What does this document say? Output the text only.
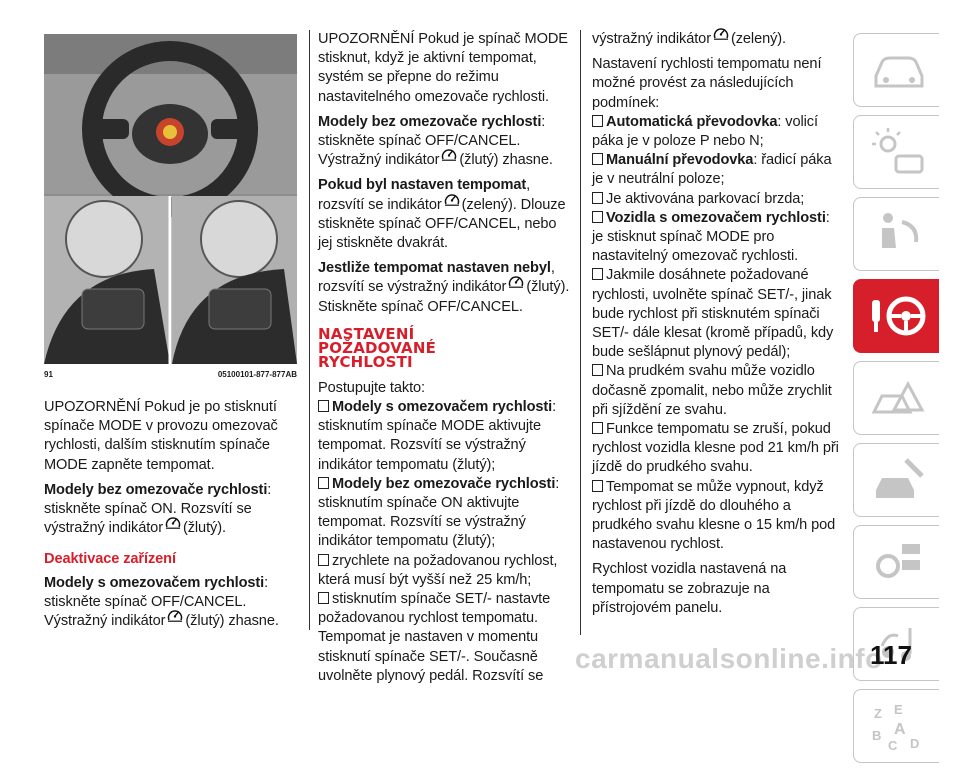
91	05100101-877-877AB

UPOZORNĚNÍ Pokud je po stisknutí spínače MODE v provozu omezovač rychlosti, dalším stisknutím spínače MODE zapněte tempomat.

Modely bez omezovače rychlosti: stiskněte spínač ON. Rozsvítí se výstražný indikátor (žlutý).

Deaktivace zařízení

Modely s omezovačem rychlosti: stiskněte spínač OFF/CANCEL. Výstražný indikátor (žlutý) zhasne.

UPOZORNĚNÍ Pokud je spínač MODE stisknut, když je aktivní tempomat, systém se přepne do režimu nastavitelného omezovače rychlosti.

Modely bez omezovače rychlosti: stiskněte spínač OFF/CANCEL. Výstražný indikátor (žlutý) zhasne.

Pokud byl nastaven tempomat, rozsvítí se indikátor (zelený). Dlouze stiskněte spínač OFF/CANCEL, nebo jej stiskněte dvakrát.

Jestliže tempomat nastaven nebyl, rozsvítí se výstražný indikátor (žlutý). Stiskněte spínač OFF/CANCEL.

NASTAVENÍ
POŽADOVANÉ
RYCHLOSTI

Postupujte takto:

Modely s omezovačem rychlosti: stisknutím spínače MODE aktivujte tempomat. Rozsvítí se výstražný indikátor tempomatu (žlutý);

Modely bez omezovače rychlosti: stisknutím spínače ON aktivujte tempomat. Rozsvítí se výstražný indikátor tempomatu (žlutý);

zrychlete na požadovanou rychlost, která musí být vyšší než 25 km/h;

stisknutím spínače SET/- nastavte požadovanou rychlost tempomatu. Tempomat je nastaven v momentu stisknutí spínače SET/-. Současně uvolněte plynový pedál. Rozsvítí se

výstražný indikátor (zelený).

Nastavení rychlosti tempomatu není možné provést za následujících podmínek:

Automatická převodovka: volicí páka je v poloze P nebo N;

Manuální převodovka: řadicí páka je v neutrální poloze;

Je aktivována parkovací brzda;

Vozidla s omezovačem rychlosti: je stisknut spínač MODE pro nastavitelný omezovač rychlosti.

Jakmile dosáhnete požadované rychlosti, uvolněte spínač SET/-, jinak bude rychlost při stisknutém spínači SET/- dále klesat (kromě případů, kdy bude sešlápnut plynový pedál);

Na prudkém svahu může vozidlo dočasně zpomalit, nebo může zrychlit při sjíždění ze svahu.

Funkce tempomatu se zruší, pokud rychlost vozidla klesne pod 21 km/h při jízdě do prudkého svahu.

Tempomat se může vypnout, když rychlost při jízdě do dlouhého a prudkého svahu klesne o 15 km/h pod nastavenou rychlost.

Rychlost vozidla nastavená na tempomatu se zobrazuje na přístrojovém panelu.

Z E
B A
C D
carmanualsonline.info
117
